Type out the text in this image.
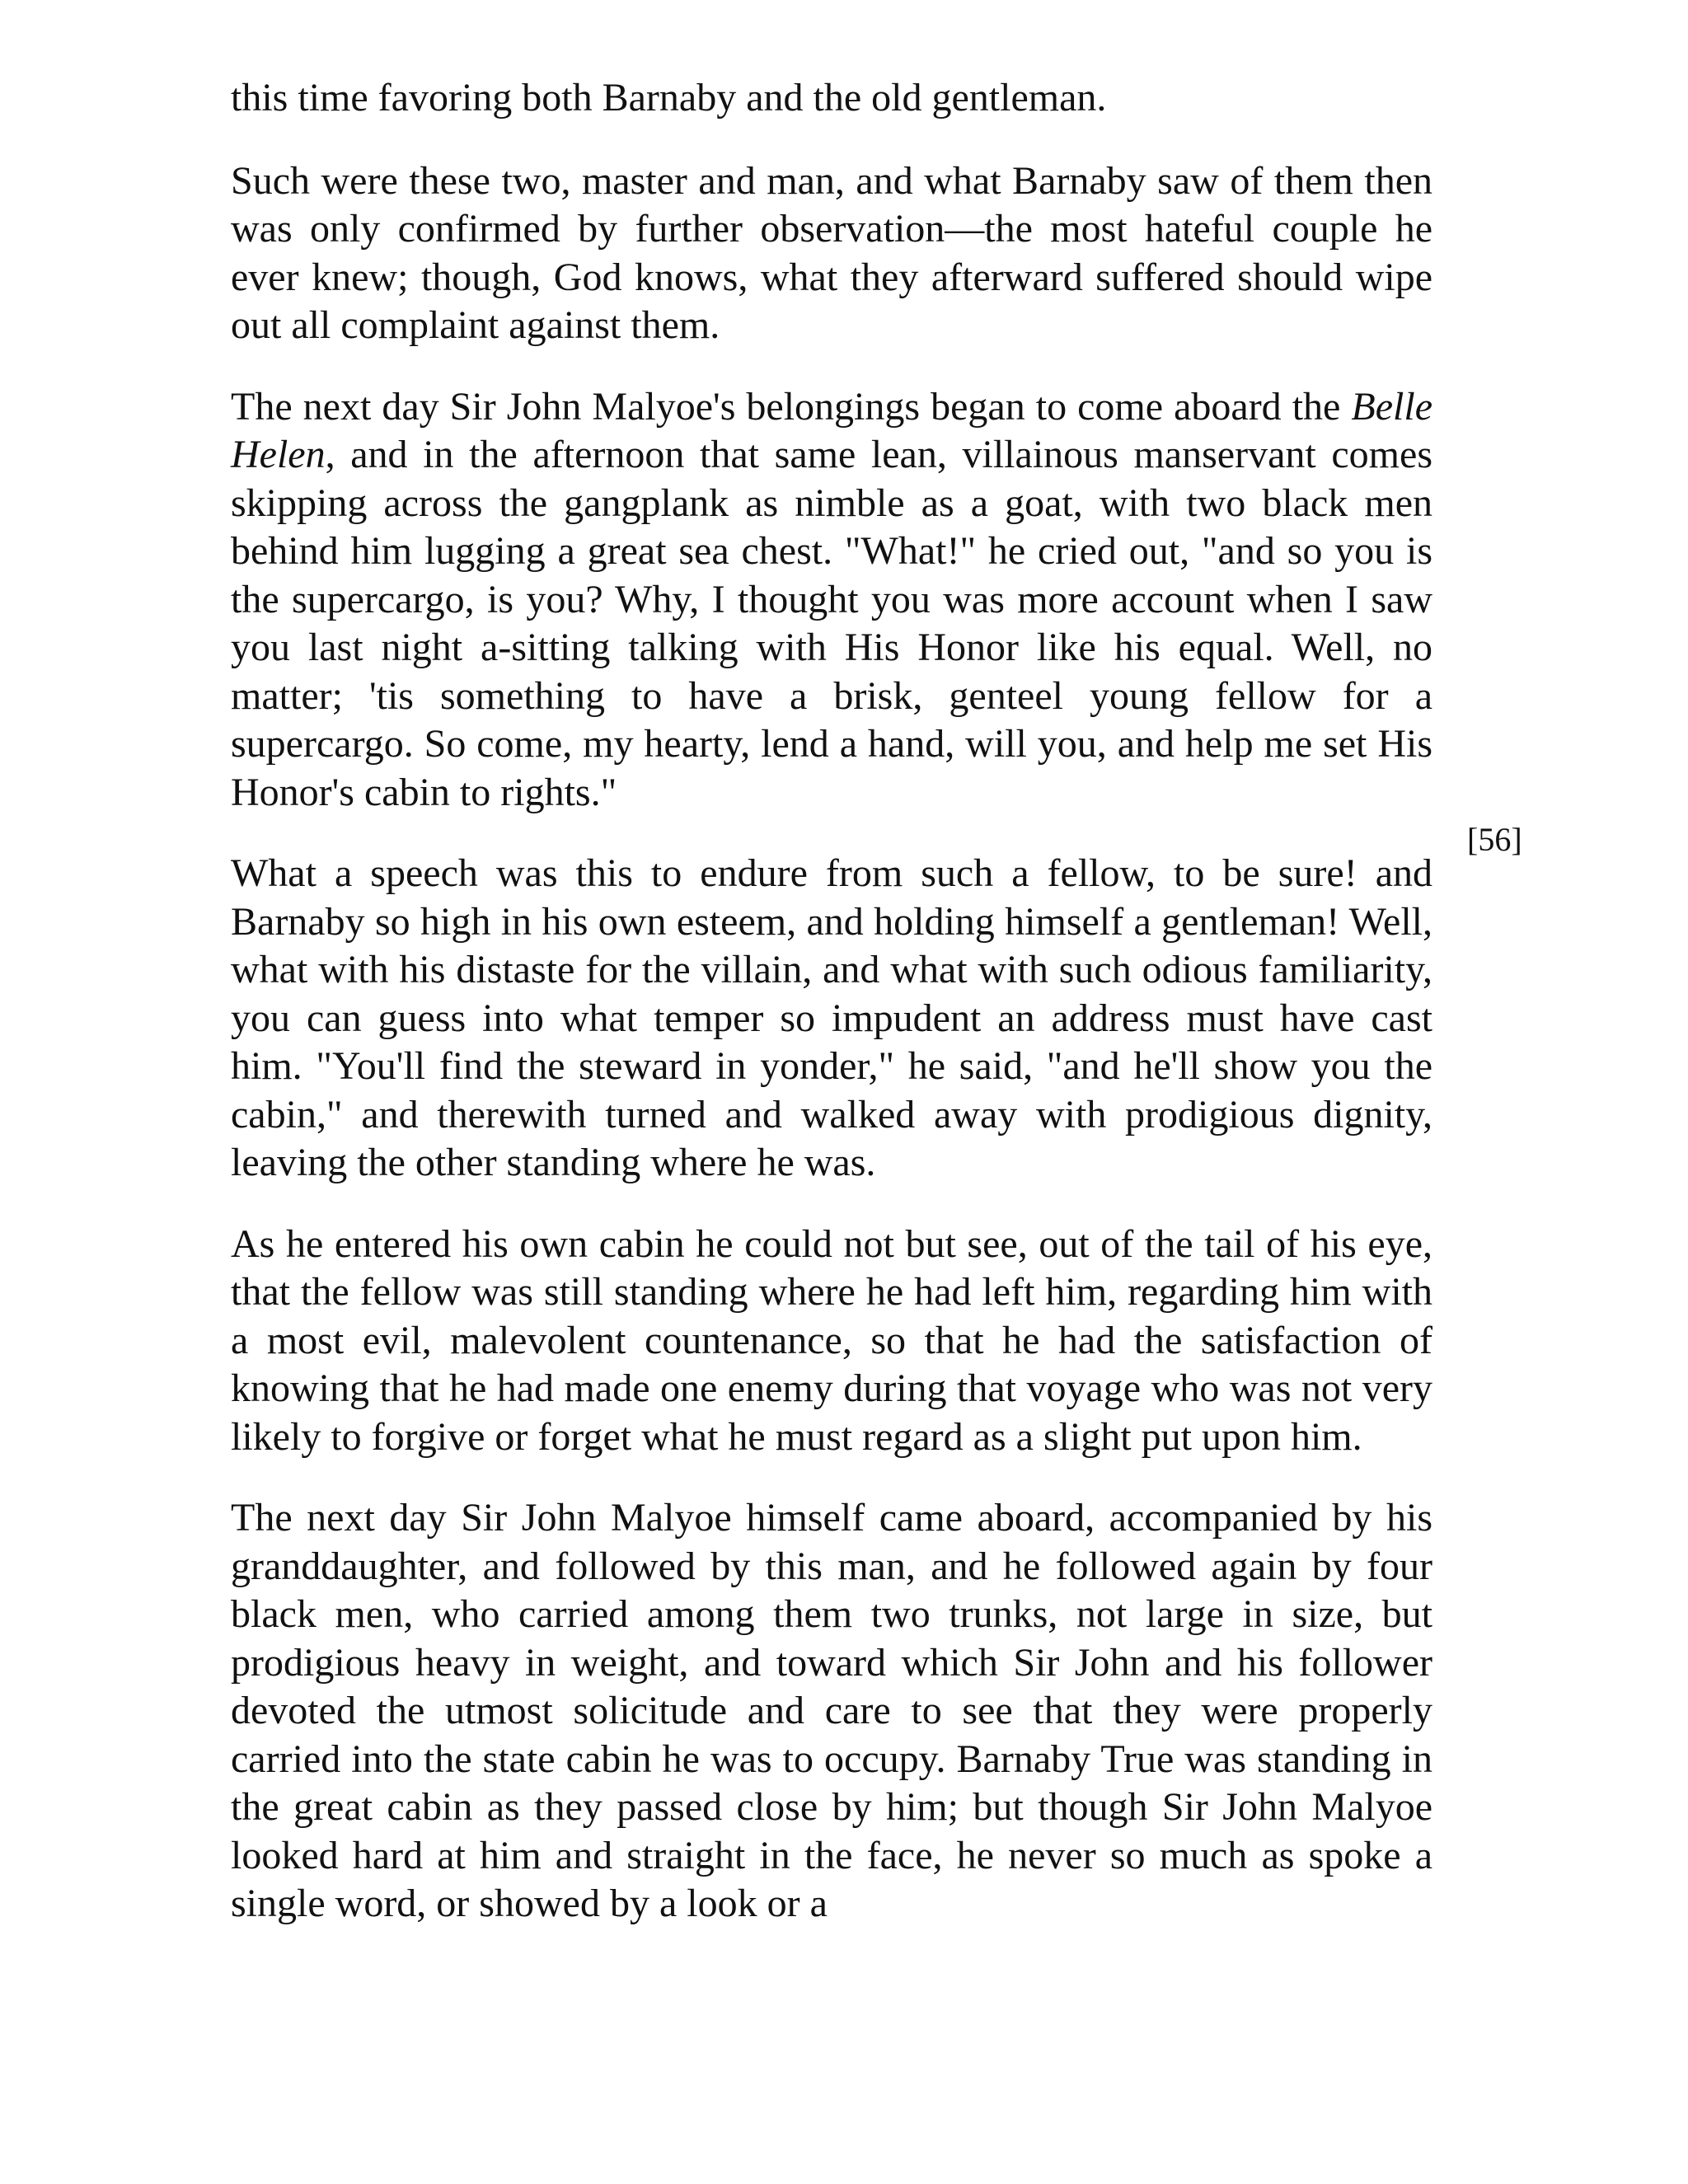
this time favoring both Barnaby and the old gentleman.

Such were these two, master and man, and what Barnaby saw of them then was only confirmed by further observation—the most hateful couple he ever knew; though, God knows, what they afterward suffered should wipe out all complaint against them.

The next day Sir John Malyoe's belongings began to come aboard the Belle Helen, and in the afternoon that same lean, villainous manservant comes skipping across the gangplank as nimble as a goat, with two black men behind him lugging a great sea chest. "What!" he cried out, "and so you is the supercargo, is you? Why, I thought you was more account when I saw you last night a-sitting talking with His Honor like his equal. Well, no matter; 'tis something to have a brisk, genteel young fellow for a supercargo. So come, my hearty, lend a hand, will you, and help me set His Honor's cabin to rights."

What a speech was this to endure from such a fellow, to be sure! and Barnaby so high in his own esteem, and holding himself a gentleman! Well, what with his distaste for the villain, and what with such odious familiarity, you can guess into what temper so impudent an address must have cast him. "You'll find the steward in yonder," he said, "and he'll show you the cabin," and therewith turned and walked away with prodigious dignity, leaving the other standing where he was.

As he entered his own cabin he could not but see, out of the tail of his eye, that the fellow was still standing where he had left him, regarding him with a most evil, malevolent countenance, so that he had the satisfaction of knowing that he had made one enemy during that voyage who was not very likely to forgive or forget what he must regard as a slight put upon him.

The next day Sir John Malyoe himself came aboard, accompanied by his granddaughter, and followed by this man, and he followed again by four black men, who carried among them two trunks, not large in size, but prodigious heavy in weight, and toward which Sir John and his follower devoted the utmost solicitude and care to see that they were properly carried into the state cabin he was to occupy. Barnaby True was standing in the great cabin as they passed close by him; but though Sir John Malyoe looked hard at him and straight in the face, he never so much as spoke a single word, or showed by a look or a

[56]
